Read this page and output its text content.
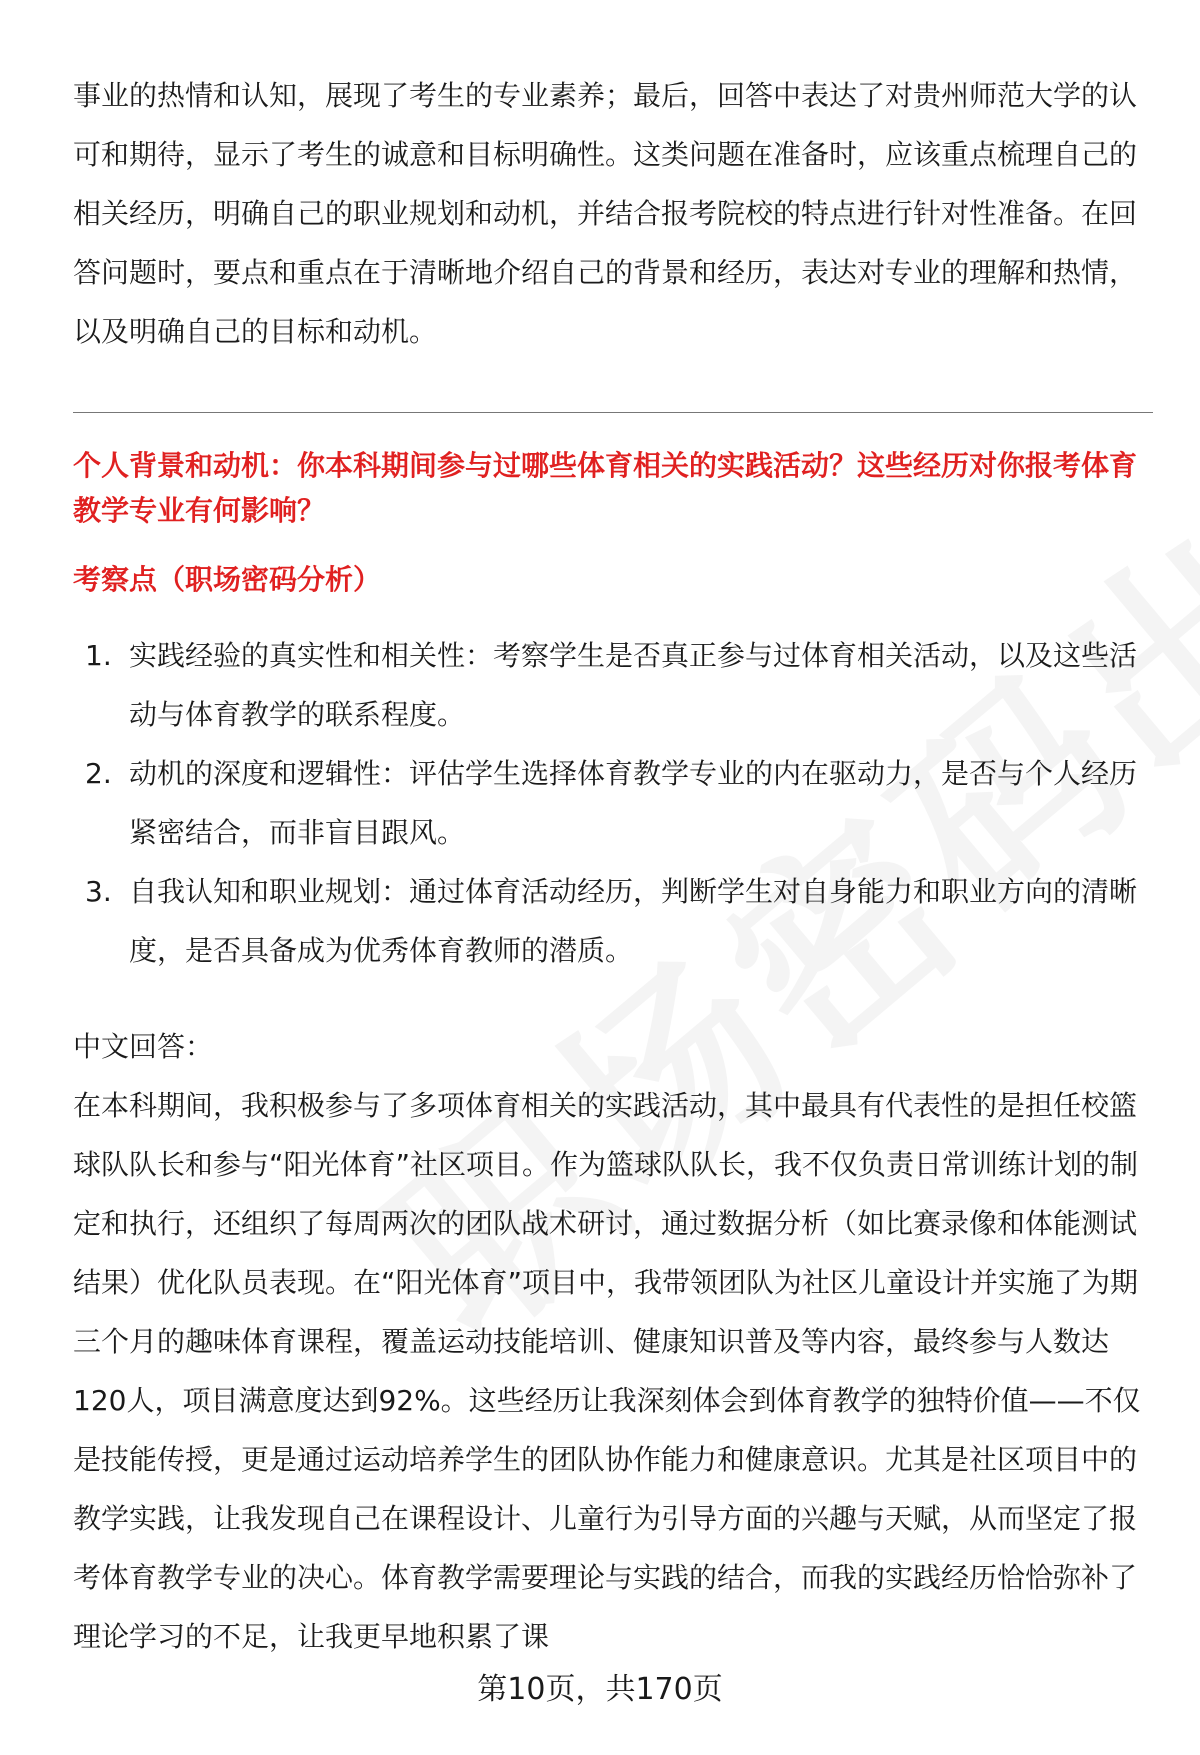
事业的热情和认知，展现了考生的专业素养；最后，回答中表达了对贵州师范大学的认可和期待，显示了考生的诚意和目标明确性。这类问题在准备时，应该重点梳理自己的相关经历，明确自己的职业规划和动机，并结合报考院校的特点进行针对性准备。在回答问题时，要点和重点在于清晰地介绍自己的背景和经历，表达对专业的理解和热情，以及明确自己的目标和动机。

个人背景和动机：你本科期间参与过哪些体育相关的实践活动？这些经历对你报考体育教学专业有何影响？
考察点（职场密码分析）
1. 实践经验的真实性和相关性：考察学生是否真正参与过体育相关活动，以及这些活动与体育教学的联系程度。
2. 动机的深度和逻辑性：评估学生选择体育教学专业的内在驱动力，是否与个人经历紧密结合，而非盲目跟风。
3. 自我认知和职业规划：通过体育活动经历，判断学生对自身能力和职业方向的清晰度，是否具备成为优秀体育教师的潜质。

中文回答：

在本科期间，我积极参与了多项体育相关的实践活动，其中最具有代表性的是担任校篮球队队长和参与“阳光体育”社区项目。作为篮球队队长，我不仅负责日常训练计划的制定和执行，还组织了每周两次的团队战术研讨，通过数据分析（如比赛录像和体能测试结果）优化队员表现。在“阳光体育”项目中，我带领团队为社区儿童设计并实施了为期三个月的趣味体育课程，覆盖运动技能培训、健康知识普及等内容，最终参与人数达120人，项目满意度达到92%。这些经历让我深刻体会到体育教学的独特价值——不仅是技能传授，更是通过运动培养学生的团队协作能力和健康意识。尤其是社区项目中的教学实践，让我发现自己在课程设计、儿童行为引导方面的兴趣与天赋，从而坚定了报考体育教学专业的决心。体育教学需要理论与实践的结合，而我的实践经历恰恰弥补了理论学习的不足，让我更早地积累了课

第10页，共170页
